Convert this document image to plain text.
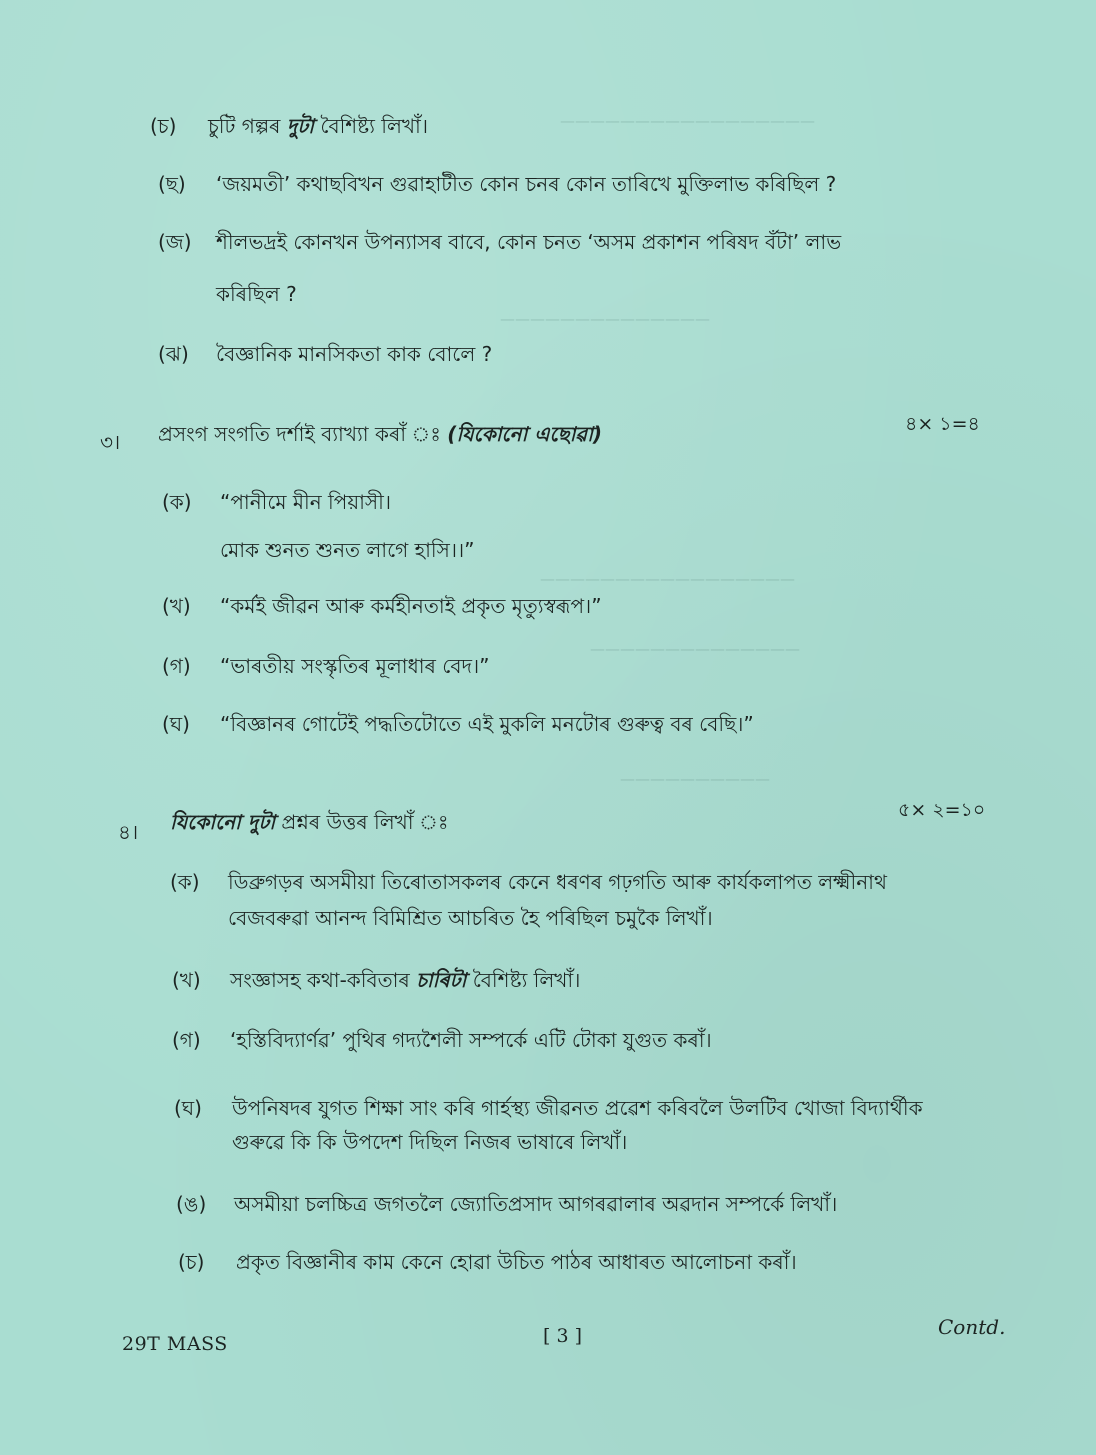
—————————————————
——————————————
—————————————————
——————————————
——————————
(চ) চুটি গল্পৰ দুটা বৈশিষ্ট্য লিখাঁ।
(ছ) ‘জয়মতী’ কথাছবিখন গুৱাহাটীত কোন চনৰ কোন তাৰিখে মুক্তিলাভ কৰিছিল ?
(জ) শীলভদ্ৰই কোনখন উপন্যাসৰ বাবে, কোন চনত ‘অসম প্ৰকাশন পৰিষদ বঁটা’ লাভ
কৰিছিল ?
(ঝ) বৈজ্ঞানিক মানসিকতা কাক বোলে ?
৩। প্ৰসংগ সংগতি দৰ্শাই ব্যাখ্যা কৰাঁ ঃ (যিকোনো এছোৱা)	৪× ১=৪
(ক) “পানীমে মীন পিয়াসী।
মোক শুনত শুনত লাগে হাসি।।”
(খ) “কৰ্মই জীৱন আৰু কৰ্মহীনতাই প্ৰকৃত মৃত্যুস্বৰূপ।”
(গ) “ভাৰতীয় সংস্কৃতিৰ মূলাধাৰ বেদ।”
(ঘ) “বিজ্ঞানৰ গোটেই পদ্ধতিটোতে এই মুকলি মনটোৰ গুৰুত্ব বৰ বেছি।”
৪। যিকোনো দুটা প্ৰশ্নৰ উত্তৰ লিখাঁ ঃ	৫× ২=১০
(ক) ডিব্ৰুগড়ৰ অসমীয়া তিৰোতাসকলৰ কেনে ধৰণৰ গঢ়গতি আৰু কাৰ্যকলাপত লক্ষ্মীনাথ
বেজবৰুৱা আনন্দ বিমিশ্ৰিত আচৰিত হৈ পৰিছিল চমুকৈ লিখাঁ।
(খ) সংজ্ঞাসহ কথা-কবিতাৰ চাৰিটা বৈশিষ্ট্য লিখাঁ।
(গ) ‘হস্তিবিদ্যাৰ্ণৱ’ পুথিৰ গদ্যশৈলী সম্পৰ্কে এটি টোকা যুগুত কৰাঁ।
(ঘ) উপনিষদৰ যুগত শিক্ষা সাং কৰি গাৰ্হস্থ্য জীৱনত প্ৰৱেশ কৰিবলৈ উলটিব খোজা বিদ্যাৰ্থীক
গুৰুৱে কি কি উপদেশ দিছিল নিজৰ ভাষাৰে লিখাঁ।
(ঙ) অসমীয়া চলচ্চিত্ৰ জগতলৈ জ্যোতিপ্ৰসাদ আগৰৱালাৰ অৱদান সম্পৰ্কে লিখাঁ।
(চ) প্ৰকৃত বিজ্ঞানীৰ কাম কেনে হোৱা উচিত পাঠৰ আধাৰত আলোচনা কৰাঁ।
29T MASS	[ 3 ]	Contd.
